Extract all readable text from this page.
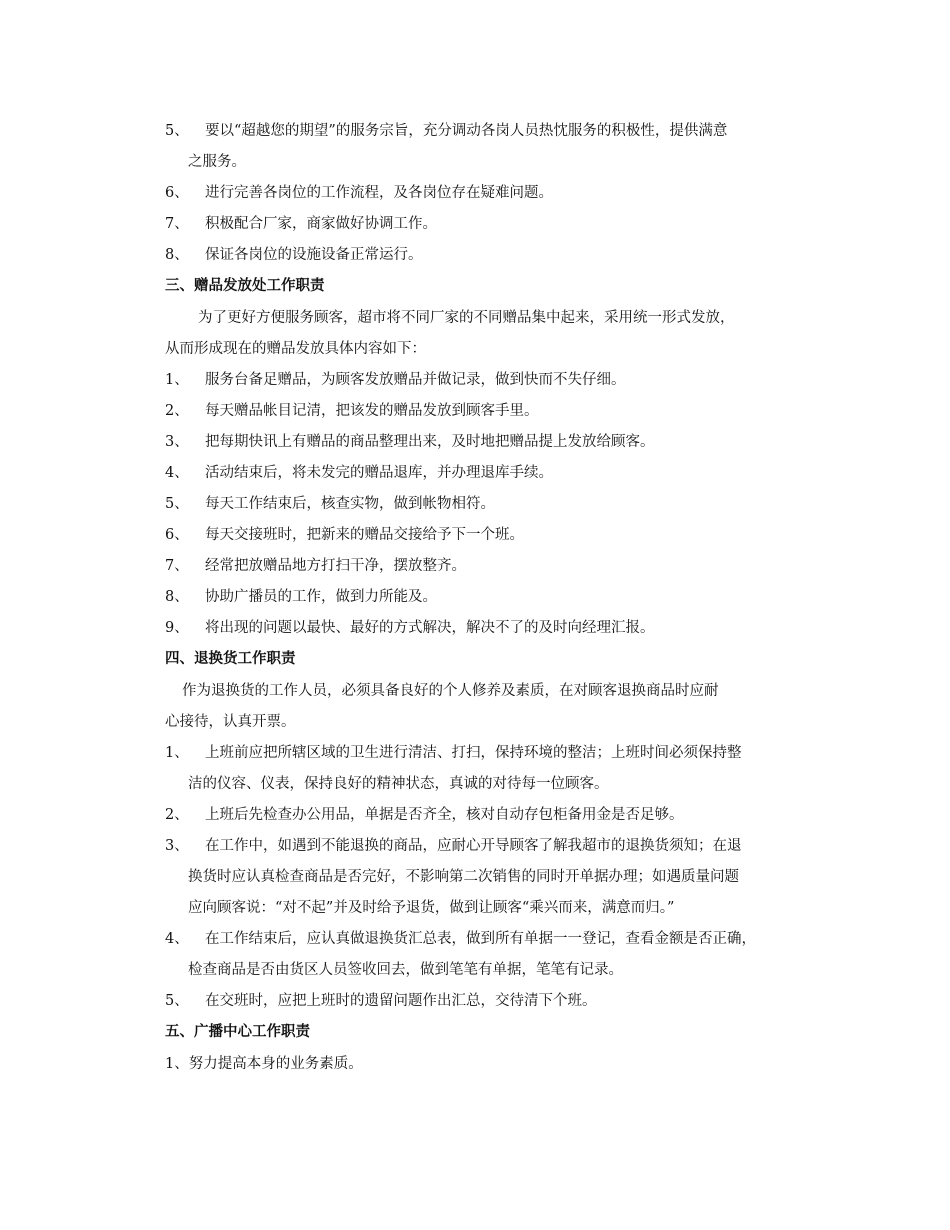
5、 要以“超越您的期望”的服务宗旨，充分调动各岗人员热忱服务的积极性，提供满意
之服务。
6、 进行完善各岗位的工作流程，及各岗位存在疑难问题。
7、 积极配合厂家，商家做好协调工作。
8、 保证各岗位的设施设备正常运行。
三、赠品发放处工作职责
为了更好方便服务顾客，超市将不同厂家的不同赠品集中起来，采用统一形式发放，
从而形成现在的赠品发放具体内容如下：
1、 服务台备足赠品，为顾客发放赠品并做记录，做到快而不失仔细。
2、 每天赠品帐目记清，把该发的赠品发放到顾客手里。
3、 把每期快讯上有赠品的商品整理出来，及时地把赠品提上发放给顾客。
4、 活动结束后，将未发完的赠品退库，并办理退库手续。
5、 每天工作结束后，核查实物，做到帐物相符。
6、 每天交接班时，把新来的赠品交接给予下一个班。
7、 经常把放赠品地方打扫干净，摆放整齐。
8、 协助广播员的工作，做到力所能及。
9、 将出现的问题以最快、最好的方式解决，解决不了的及时向经理汇报。
四、退换货工作职责
作为退换货的工作人员，必须具备良好的个人修养及素质，在对顾客退换商品时应耐
心接待，认真开票。
1、 上班前应把所辖区域的卫生进行清洁、打扫，保持环境的整洁；上班时间必须保持整
洁的仪容、仪表，保持良好的精神状态，真诚的对待每一位顾客。
2、 上班后先检查办公用品，单据是否齐全，核对自动存包柜备用金是否足够。
3、 在工作中，如遇到不能退换的商品，应耐心开导顾客了解我超市的退换货须知；在退
换货时应认真检查商品是否完好，不影响第二次销售的同时开单据办理；如遇质量问题
应向顾客说：“对不起”并及时给予退货，做到让顾客“乘兴而来，满意而归。”
4、 在工作结束后，应认真做退换货汇总表，做到所有单据一一登记，查看金额是否正确，
检查商品是否由货区人员签收回去，做到笔笔有单据，笔笔有记录。
5、 在交班时，应把上班时的遗留问题作出汇总，交待清下个班。
五、广播中心工作职责
1、努力提高本身的业务素质。
